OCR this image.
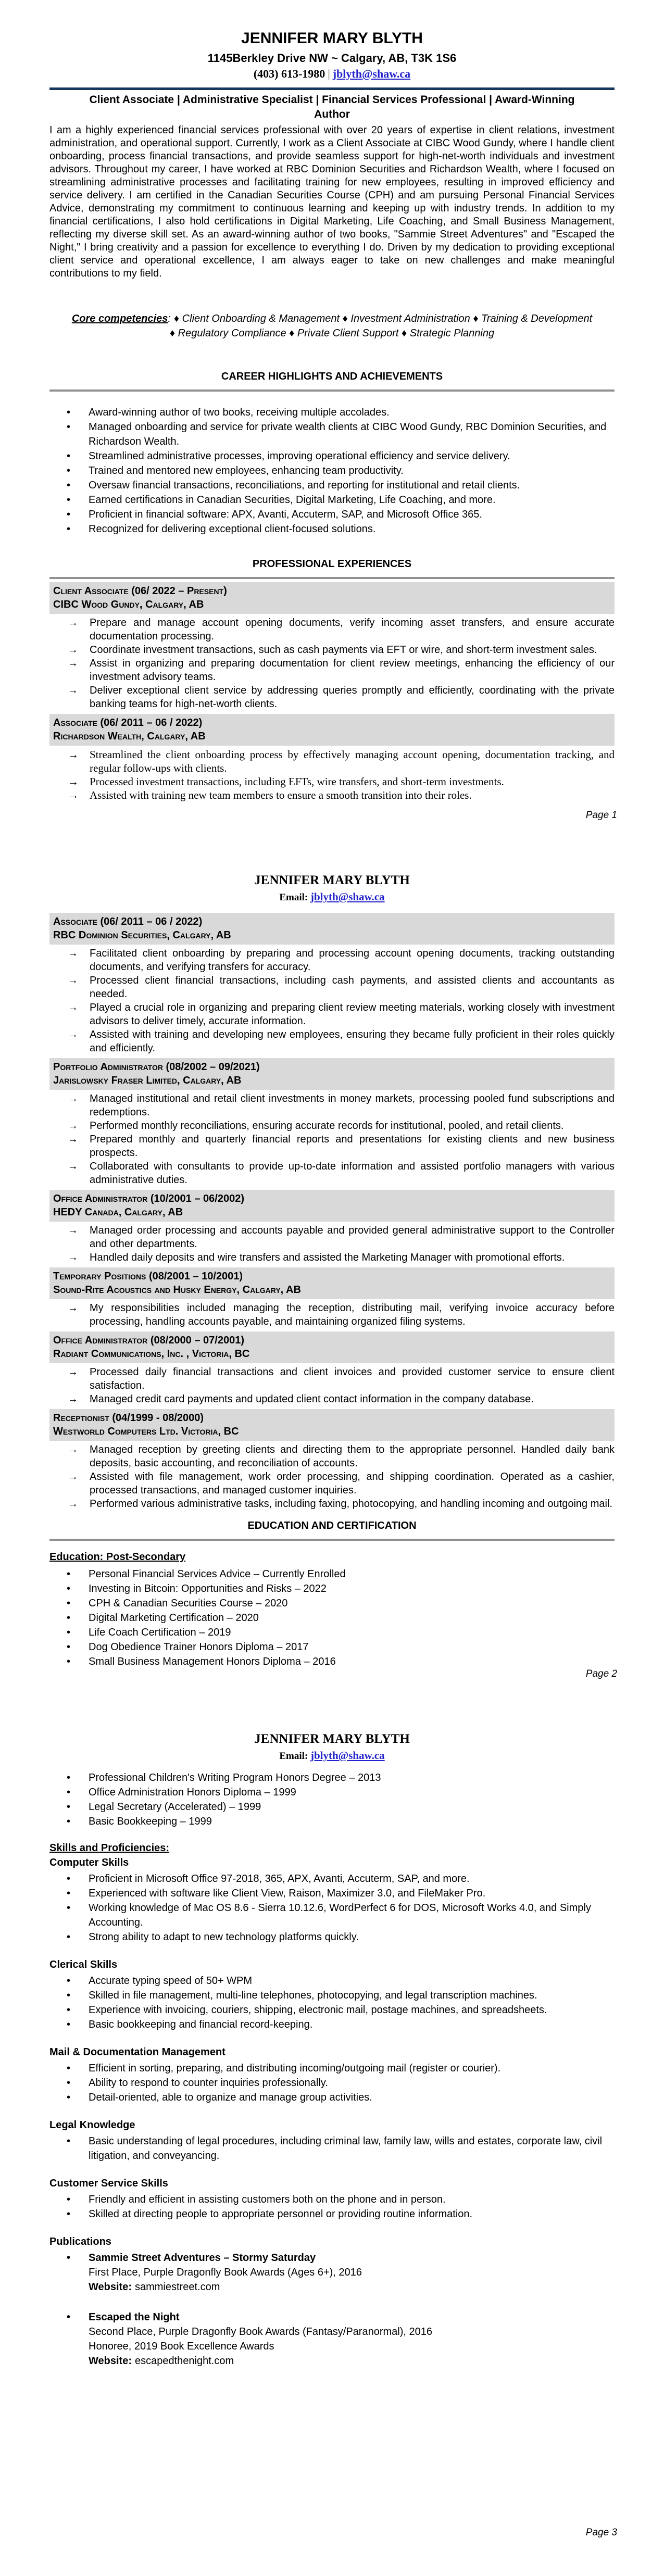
JENNIFER MARY BLYTH
1145Berkley Drive NW ~ Calgary, AB, T3K 1S6
(403) 613-1980 | jblyth@shaw.ca
Client Associate | Administrative Specialist | Financial Services Professional | Award-Winning Author

I am a highly experienced financial services professional with over 20 years of expertise in client relations, investment administration, and operational support. Currently, I work as a Client Associate at CIBC Wood Gundy, where I handle client onboarding, process financial transactions, and provide seamless support for high-net-worth individuals and investment advisors. Throughout my career, I have worked at RBC Dominion Securities and Richardson Wealth, where I focused on streamlining administrative processes and facilitating training for new employees, resulting in improved efficiency and service delivery. I am certified in the Canadian Securities Course (CPH) and am pursuing Personal Financial Services Advice, demonstrating my commitment to continuous learning and keeping up with industry trends. In addition to my financial certifications, I also hold certifications in Digital Marketing, Life Coaching, and Small Business Management, reflecting my diverse skill set. As an award-winning author of two books, "Sammie Street Adventures" and "Escaped the Night," I bring creativity and a passion for excellence to everything I do. Driven by my dedication to providing exceptional client service and operational excellence, I am always eager to take on new challenges and make meaningful contributions to my field.

Core competencies: ♦ Client Onboarding & Management ♦ Investment Administration ♦ Training & Development
♦ Regulatory Compliance ♦ Private Client Support ♦ Strategic Planning
CAREER HIGHLIGHTS AND ACHIEVEMENTS
• Award-winning author of two books, receiving multiple accolades.
• Managed onboarding and service for private wealth clients at CIBC Wood Gundy, RBC Dominion Securities, and Richardson Wealth.
• Streamlined administrative processes, improving operational efficiency and service delivery.
• Trained and mentored new employees, enhancing team productivity.
• Oversaw financial transactions, reconciliations, and reporting for institutional and retail clients.
• Earned certifications in Canadian Securities, Digital Marketing, Life Coaching, and more.
• Proficient in financial software: APX, Avanti, Accuterm, SAP, and Microsoft Office 365.
• Recognized for delivering exceptional client-focused solutions.
PROFESSIONAL EXPERIENCES
Client Associate (06/ 2022 – Present)
CIBC Wood Gundy, Calgary, AB
→ Prepare and manage account opening documents, verify incoming asset transfers, and ensure accurate documentation processing.
→ Coordinate investment transactions, such as cash payments via EFT or wire, and short-term investment sales.
→ Assist in organizing and preparing documentation for client review meetings, enhancing the efficiency of our investment advisory teams.
→ Deliver exceptional client service by addressing queries promptly and efficiently, coordinating with the private banking teams for high-net-worth clients.
Associate (06/ 2011 – 06 / 2022)
Richardson Wealth, Calgary, AB
→ Streamlined the client onboarding process by effectively managing account opening, documentation tracking, and regular follow-ups with clients.
→ Processed investment transactions, including EFTs, wire transfers, and short-term investments.
→ Assisted with training new team members to ensure a smooth transition into their roles.
Page 1
JENNIFER MARY BLYTH
Email: jblyth@shaw.ca
Associate (06/ 2011 – 06 / 2022)
RBC Dominion Securities, Calgary, AB
→ Facilitated client onboarding by preparing and processing account opening documents, tracking outstanding documents, and verifying transfers for accuracy.
→ Processed client financial transactions, including cash payments, and assisted clients and accountants as needed.
→ Played a crucial role in organizing and preparing client review meeting materials, working closely with investment advisors to deliver timely, accurate information.
→ Assisted with training and developing new employees, ensuring they became fully proficient in their roles quickly and efficiently.
Portfolio Administrator (08/2002 – 09/2021)
Jarislowsky Fraser Limited, Calgary, AB
→ Managed institutional and retail client investments in money markets, processing pooled fund subscriptions and redemptions.
→ Performed monthly reconciliations, ensuring accurate records for institutional, pooled, and retail clients.
→ Prepared monthly and quarterly financial reports and presentations for existing clients and new business prospects.
→ Collaborated with consultants to provide up-to-date information and assisted portfolio managers with various administrative duties.
Office Administrator (10/2001 – 06/2002)
HEDY Canada, Calgary, AB
→ Managed order processing and accounts payable and provided general administrative support to the Controller and other departments.
→ Handled daily deposits and wire transfers and assisted the Marketing Manager with promotional efforts.
Temporary Positions (08/2001 – 10/2001)
Sound-Rite Acoustics and Husky Energy, Calgary, AB
→ My responsibilities included managing the reception, distributing mail, verifying invoice accuracy before processing, handling accounts payable, and maintaining organized filing systems.
Office Administrator (08/2000 – 07/2001)
Radiant Communications, Inc. , Victoria, BC
→ Processed daily financial transactions and client invoices and provided customer service to ensure client satisfaction.
→ Managed credit card payments and updated client contact information in the company database.
Receptionist (04/1999 - 08/2000)
Westworld Computers Ltd. Victoria, BC
→ Managed reception by greeting clients and directing them to the appropriate personnel. Handled daily bank deposits, basic accounting, and reconciliation of accounts.
→ Assisted with file management, work order processing, and shipping coordination. Operated as a cashier, processed transactions, and managed customer inquiries.
→ Performed various administrative tasks, including faxing, photocopying, and handling incoming and outgoing mail.
EDUCATION AND CERTIFICATION
Education: Post-Secondary
• Personal Financial Services Advice – Currently Enrolled
• Investing in Bitcoin: Opportunities and Risks – 2022
• CPH & Canadian Securities Course – 2020
• Digital Marketing Certification – 2020
• Life Coach Certification – 2019
• Dog Obedience Trainer Honors Diploma – 2017
• Small Business Management Honors Diploma – 2016
Page 2
JENNIFER MARY BLYTH
Email: jblyth@shaw.ca
• Professional Children's Writing Program Honors Degree – 2013
• Office Administration Honors Diploma – 1999
• Legal Secretary (Accelerated) – 1999
• Basic Bookkeeping – 1999
Skills and Proficiencies:
Computer Skills
• Proficient in Microsoft Office 97-2018, 365, APX, Avanti, Accuterm, SAP, and more.
• Experienced with software like Client View, Raison, Maximizer 3.0, and FileMaker Pro.
• Working knowledge of Mac OS 8.6 - Sierra 10.12.6, WordPerfect 6 for DOS, Microsoft Works 4.0, and Simply Accounting.
• Strong ability to adapt to new technology platforms quickly.
Clerical Skills
• Accurate typing speed of 50+ WPM
• Skilled in file management, multi-line telephones, photocopying, and legal transcription machines.
• Experience with invoicing, couriers, shipping, electronic mail, postage machines, and spreadsheets.
• Basic bookkeeping and financial record-keeping.
Mail & Documentation Management
• Efficient in sorting, preparing, and distributing incoming/outgoing mail (register or courier).
• Ability to respond to counter inquiries professionally.
• Detail-oriented, able to organize and manage group activities.
Legal Knowledge
• Basic understanding of legal procedures, including criminal law, family law, wills and estates, corporate law, civil litigation, and conveyancing.
Customer Service Skills
• Friendly and efficient in assisting customers both on the phone and in person.
• Skilled at directing people to appropriate personnel or providing routine information.
Publications
• Sammie Street Adventures – Stormy Saturday
First Place, Purple Dragonfly Book Awards (Ages 6+), 2016
Website: sammiestreet.com
• Escaped the Night
Second Place, Purple Dragonfly Book Awards (Fantasy/Paranormal), 2016
Honoree, 2019 Book Excellence Awards
Website: escapedthenight.com
Page 3
